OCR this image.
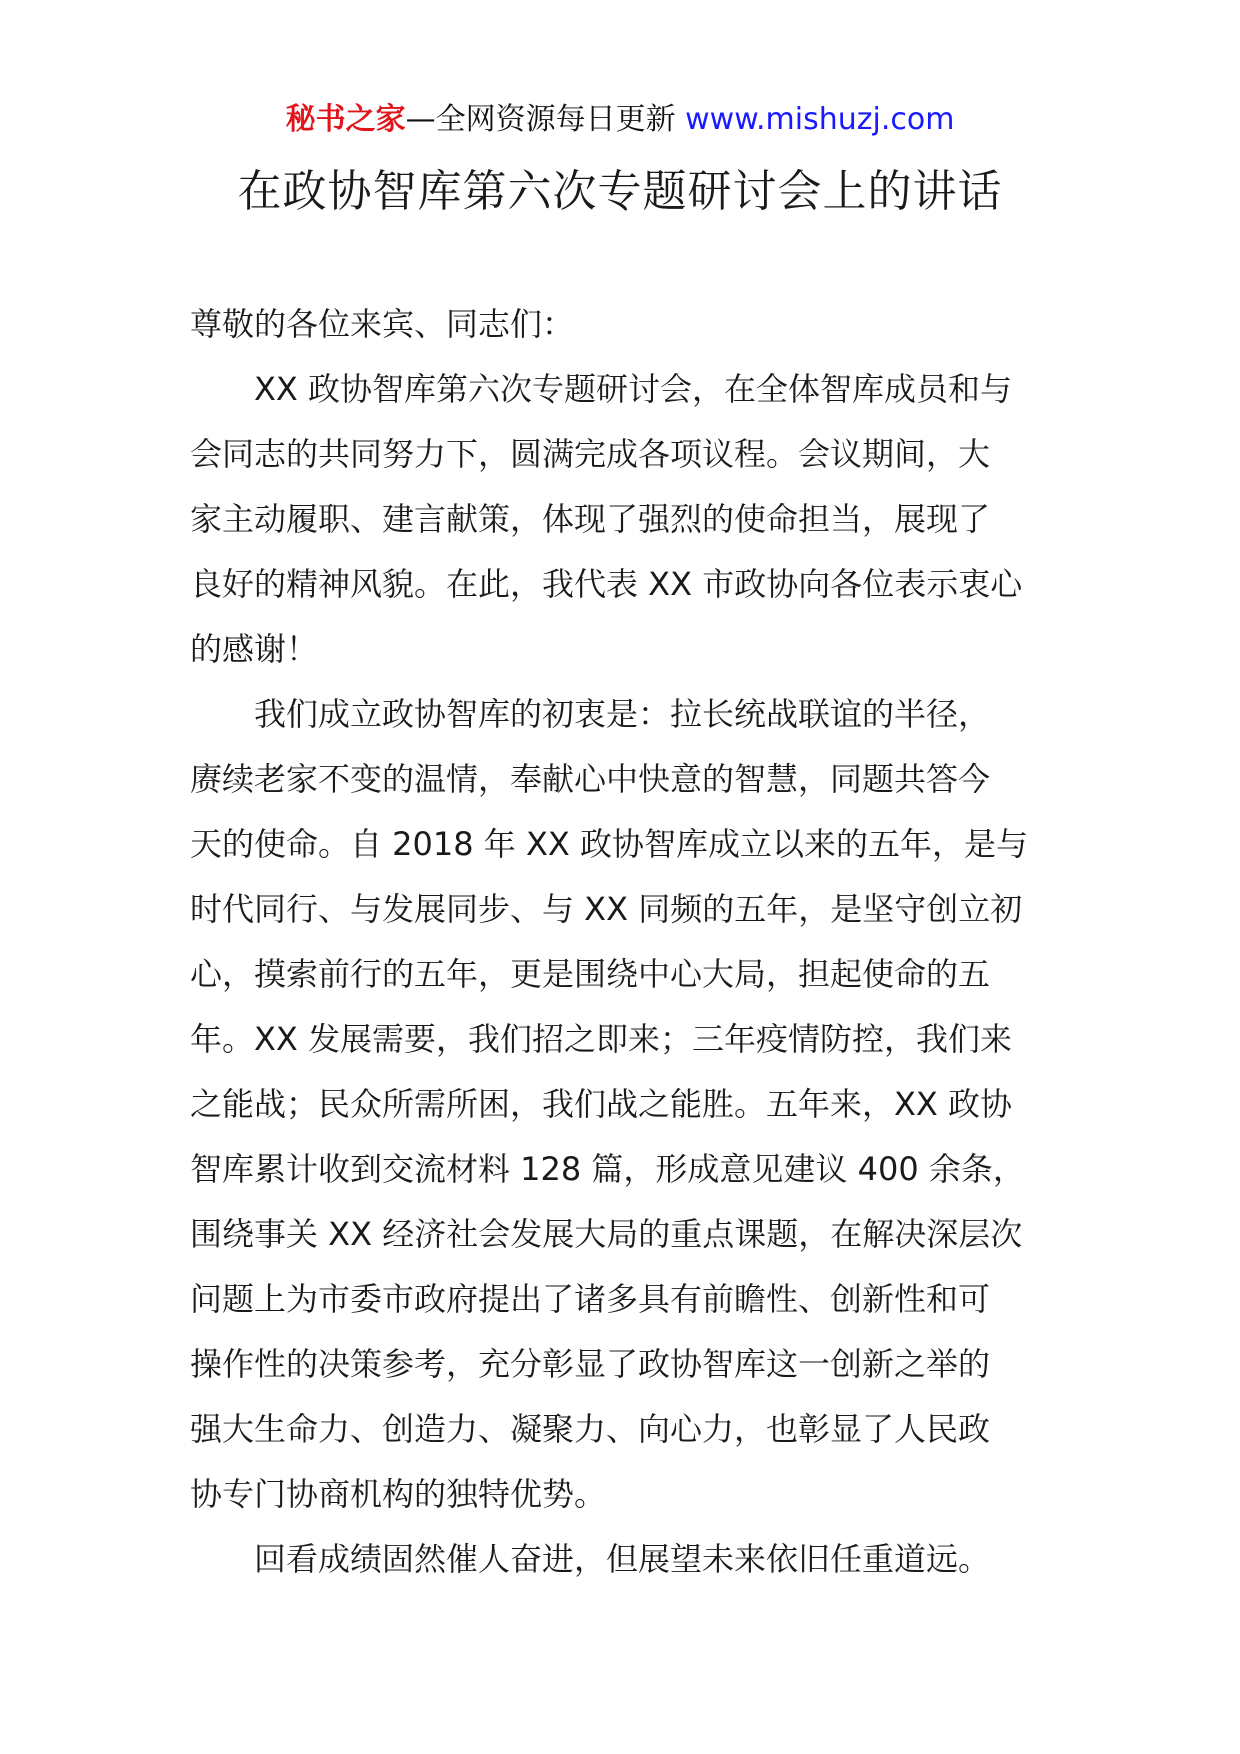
秘书之家—全网资源每日更新 www.mishuzj.com
在政协智库第六次专题研讨会上的讲话
尊敬的各位来宾、同志们：
XX 政协智库第六次专题研讨会，在全体智库成员和与
会同志的共同努力下，圆满完成各项议程。会议期间，大
家主动履职、建言献策，体现了强烈的使命担当，展现了
良好的精神风貌。在此，我代表 XX 市政协向各位表示衷心
的感谢！
我们成立政协智库的初衷是：拉长统战联谊的半径，
赓续老家不变的温情，奉献心中快意的智慧，同题共答今
天的使命。自 2018 年 XX 政协智库成立以来的五年，是与
时代同行、与发展同步、与 XX 同频的五年，是坚守创立初
心，摸索前行的五年，更是围绕中心大局，担起使命的五
年。XX 发展需要，我们招之即来；三年疫情防控，我们来
之能战；民众所需所困，我们战之能胜。五年来，XX 政协
智库累计收到交流材料 128 篇，形成意见建议 400 余条，
围绕事关 XX 经济社会发展大局的重点课题，在解决深层次
问题上为市委市政府提出了诸多具有前瞻性、创新性和可
操作性的决策参考，充分彰显了政协智库这一创新之举的
强大生命力、创造力、凝聚力、向心力，也彰显了人民政
协专门协商机构的独特优势。
回看成绩固然催人奋进，但展望未来依旧任重道远。
